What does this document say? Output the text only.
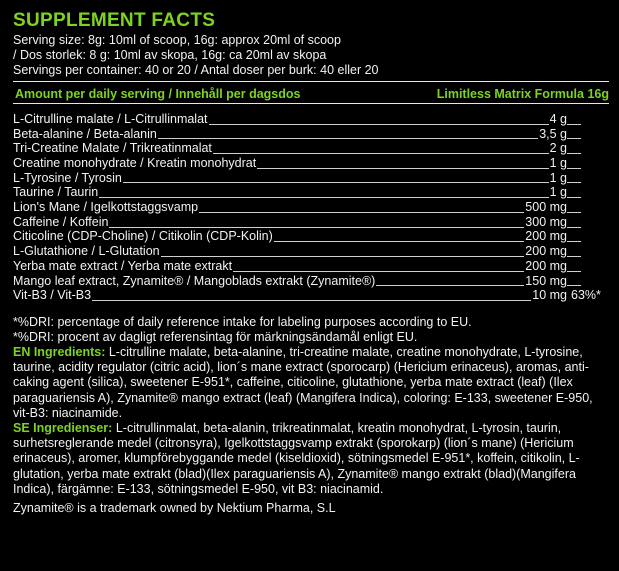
SUPPLEMENT FACTS
Serving size: 8g: 10ml of scoop, 16g: approx 20ml of scoop
/ Dos storlek: 8 g: 10ml av skopa, 16g: ca 20ml av skopa
Servings per container: 40 or 20 / Antal doser per burk: 40 eller 20
Amount per daily serving / Innehåll per dagsdos	Limitless Matrix Formula 16g
L-Citrulline malate / L-Citrullinmalat	4 g
Beta-alanine / Beta-alanin	3,5 g
Tri-Creatine Malate / Trikreatinmalat	2 g
Creatine monohydrate / Kreatin monohydrat	1 g
L-Tyrosine / Tyrosin	1 g
Taurine / Taurin	1 g
Lion's Mane / Igelkottstaggsvamp	500 mg
Caffeine / Koffein	300 mg
Citicoline (CDP-Choline) / Citikolin (CDP-Kolin)	200 mg
L-Glutathione / L-Glutation	200 mg
Yerba mate extract / Yerba mate extrakt	200 mg
Mango leaf extract, Zynamite® / Mangoblads extrakt (Zynamite®)	150 mg
Vit-B3 / Vit-B3	10 mg 63%*
*%DRI: percentage of daily reference intake for labeling purposes according to EU.
*%DRI: procent av dagligt referensintag för märkningsändamål enligt EU.
EN Ingredients: L-citrulline malate, beta-alanine, tri-creatine malate, creatine monohydrate, L-tyrosine, taurine, acidity regulator (citric acid), lion´s mane extract (sporocarp) (Hericium erinaceus), aromas, anti-caking agent (silica), sweetener E-951*, caffeine, citicoline, glutathione, yerba mate extract (leaf) (Ilex paraguariensis A), Zynamite® mango extract (leaf) (Mangifera Indica), coloring: E-133, sweetener E-950, vit-B3: niacinamide.
SE Ingredienser: L-citrullinmalat, beta-alanin, trikreatinmalat, kreatin monohydrat, L-tyrosin, taurin, surhetsreglerande medel (citronsyra), Igelkottstaggsvamp extrakt (sporokarp) (lion´s mane) (Hericium erinaceus), aromer, klumpförebyggande medel (kiseldioxid), sötningsmedel E-951*, koffein, citikolin, L-glutation, yerba mate extrakt (blad)(Ilex paraguariensis A), Zynamite® mango extrakt (blad)(Mangifera Indica), färgämne: E-133, sötningsmedel E-950, vit B3: niacinamid.
Zynamite® is a trademark owned by Nektium Pharma, S.L
